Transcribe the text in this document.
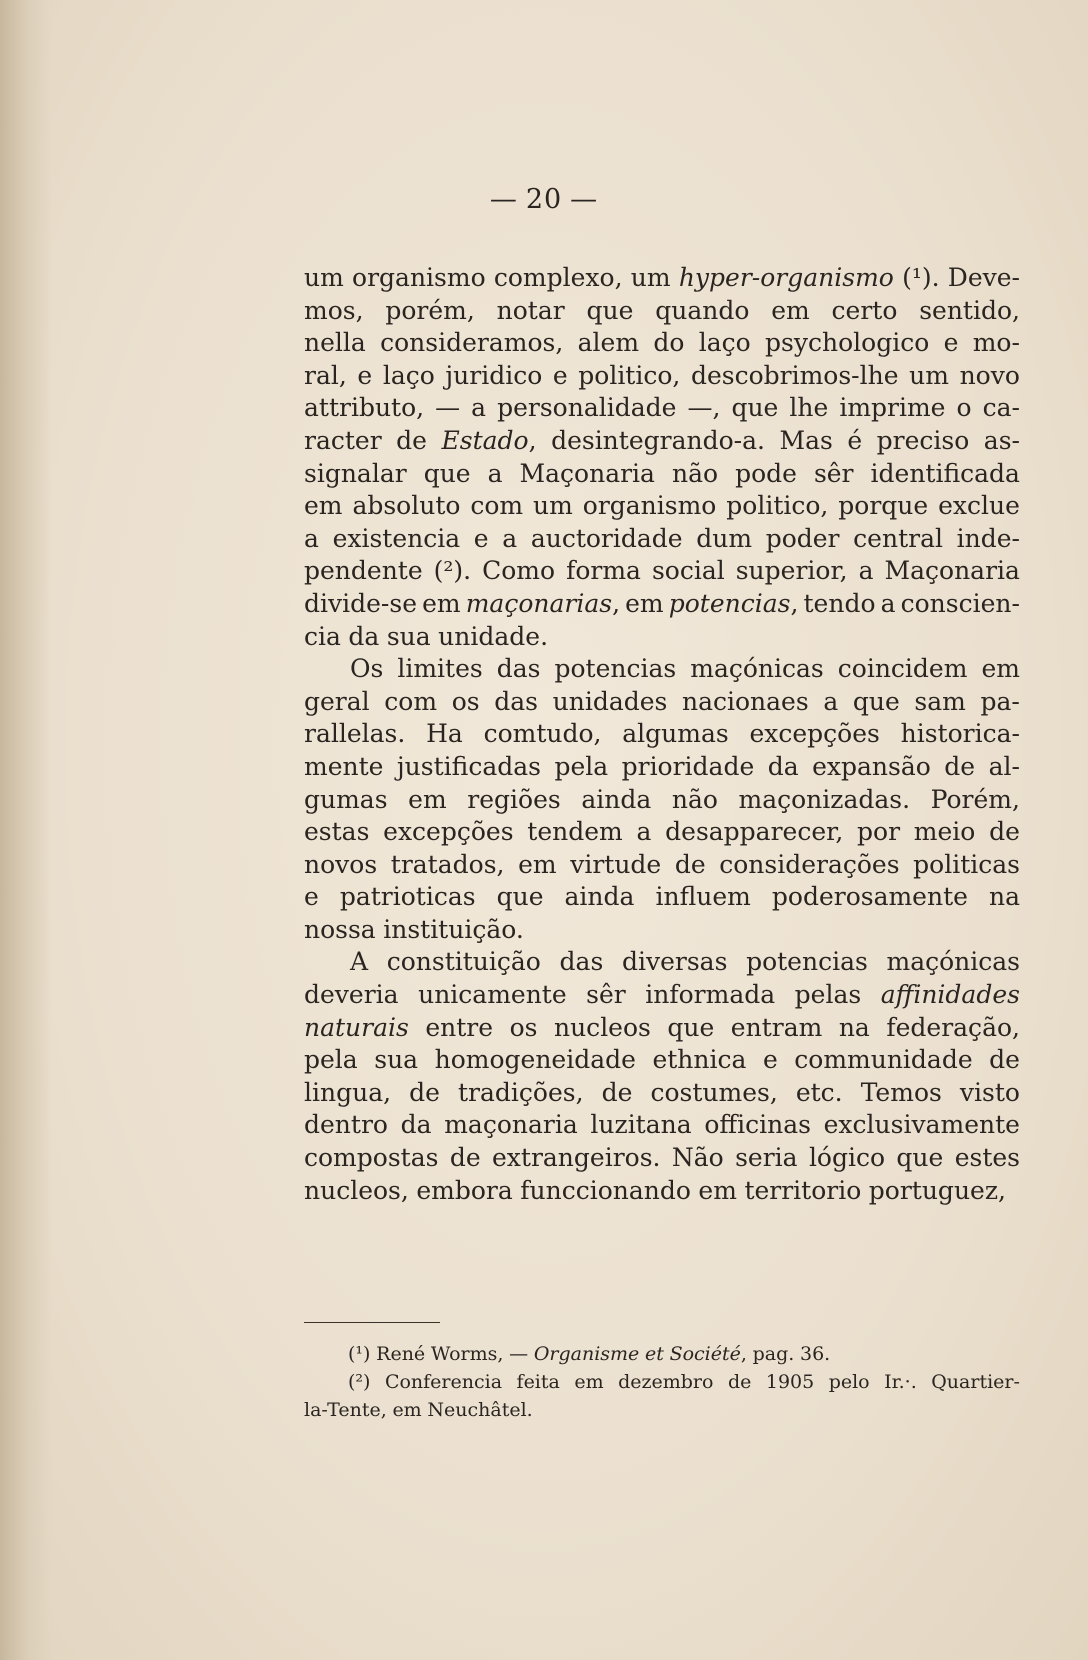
— 20 —
um organismo complexo, um hyper-organismo (¹). Deve-
mos, porém, notar que quando em certo sentido,
nella consideramos, alem do laço psychologico e mo-
ral, e laço juridico e politico, descobrimos-lhe um novo
attributo, — a personalidade —, que lhe imprime o ca-
racter de Estado, desintegrando-a. Mas é preciso as-
signalar que a Maçonaria não pode sêr identificada
em absoluto com um organismo politico, porque exclue
a existencia e a auctoridade dum poder central inde-
pendente (²). Como forma social superior, a Maçonaria
divide-se em maçonarias, em potencias, tendo a conscien-
cia da sua unidade.
Os limites das potencias maçónicas coincidem em
geral com os das unidades nacionaes a que sam pa-
rallelas. Ha comtudo, algumas excepções historica-
mente justificadas pela prioridade da expansão de al-
gumas em regiões ainda não maçonizadas. Porém,
estas excepções tendem a desapparecer, por meio de
novos tratados, em virtude de considerações politicas
e patrioticas que ainda influem poderosamente na
nossa instituição.
A constituição das diversas potencias maçónicas
deveria unicamente sêr informada pelas affinidades
naturais entre os nucleos que entram na federação,
pela sua homogeneidade ethnica e communidade de
lingua, de tradições, de costumes, etc. Temos visto
dentro da maçonaria luzitana officinas exclusivamente
compostas de extrangeiros. Não seria lógico que estes
nucleos, embora funccionando em territorio portuguez,
(¹) René Worms, — Organisme et Société, pag. 36.
(²) Conferencia feita em dezembro de 1905 pelo Ir.·. Quartier-
la-Tente, em Neuchâtel.
